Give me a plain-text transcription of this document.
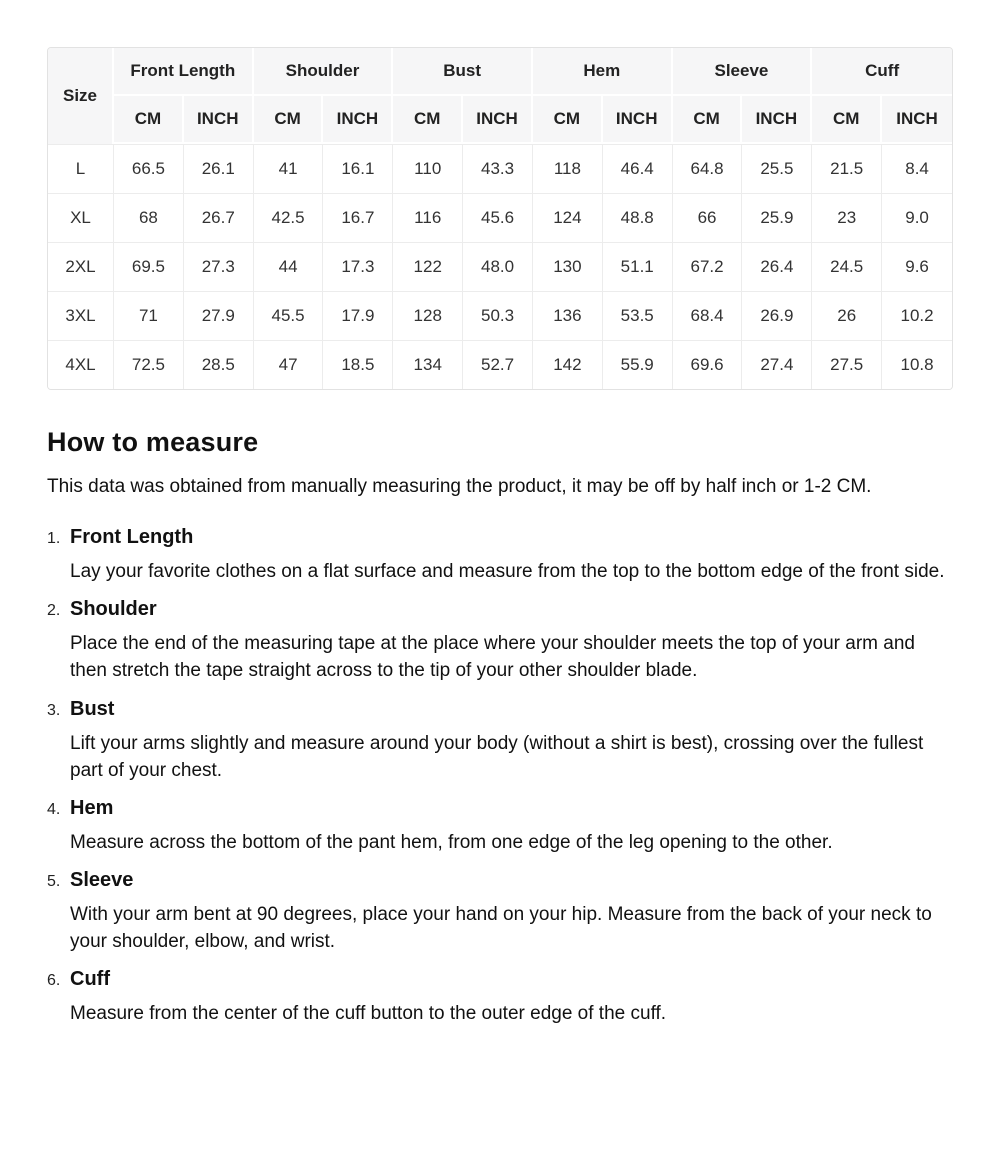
Size	Front Length		Shoulder		Bust		Hem		Sleeve		Cuff	
	CM	INCH	CM	INCH	CM	INCH	CM	INCH	CM	INCH	CM	INCH
L	66.5	26.1	41	16.1	110	43.3	118	46.4	64.8	25.5	21.5	8.4
XL	68	26.7	42.5	16.7	116	45.6	124	48.8	66	25.9	23	9.0
2XL	69.5	27.3	44	17.3	122	48.0	130	51.1	67.2	26.4	24.5	9.6
3XL	71	27.9	45.5	17.9	128	50.3	136	53.5	68.4	26.9	26	10.2
4XL	72.5	28.5	47	18.5	134	52.7	142	55.9	69.6	27.4	27.5	10.8
How to measure

This data was obtained from manually measuring the product, it may be off by half inch or 1-2 CM.

1. Front Length
Lay your favorite clothes on a flat surface and measure from the top to the bottom edge of the front side.
2. Shoulder
Place the end of the measuring tape at the place where your shoulder meets the top of your arm and then stretch the tape straight across to the tip of your other shoulder blade.
3. Bust
Lift your arms slightly and measure around your body (without a shirt is best), crossing over the fullest part of your chest.
4. Hem
Measure across the bottom of the pant hem, from one edge of the leg opening to the other.
5. Sleeve
With your arm bent at 90 degrees, place your hand on your hip. Measure from the back of your neck to your shoulder, elbow, and wrist.
6. Cuff
Measure from the center of the cuff button to the outer edge of the cuff.
